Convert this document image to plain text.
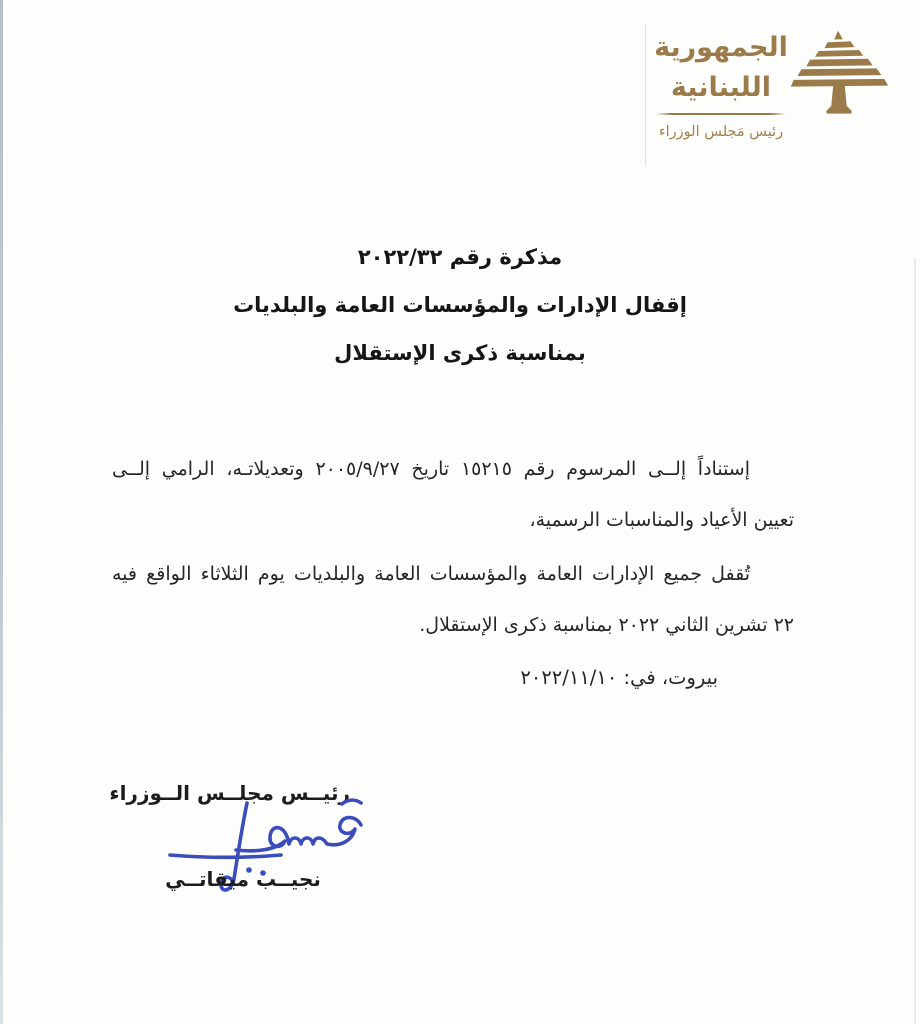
الجمهورية
اللبنانية
رئيس مَجلس الوزراء
مذكرة رقم ٢٠٢٢/٣٢
إقفال الإدارات والمؤسسات العامة والبلديات
بمناسبة ذكرى الإستقلال
إستناداً إلــى المرسوم رقم ١٥٢١٥ تاريخ ٢٠٠٥/٩/٢٧ وتعديلاتـه، الرامي إلــى
تعيين الأعياد والمناسبات الرسمية،
تُقفل جميع الإدارات العامة والمؤسسات العامة والبلديات يوم الثلاثاء الواقع فيه
٢٢ تشرين الثاني ٢٠٢٢ بمناسبة ذكرى الإستقلال.
بيروت، في: ٢٠٢٢/١١/١٠
رئيــس مجلــس الــوزراء
نجيــب ميقاتــي
